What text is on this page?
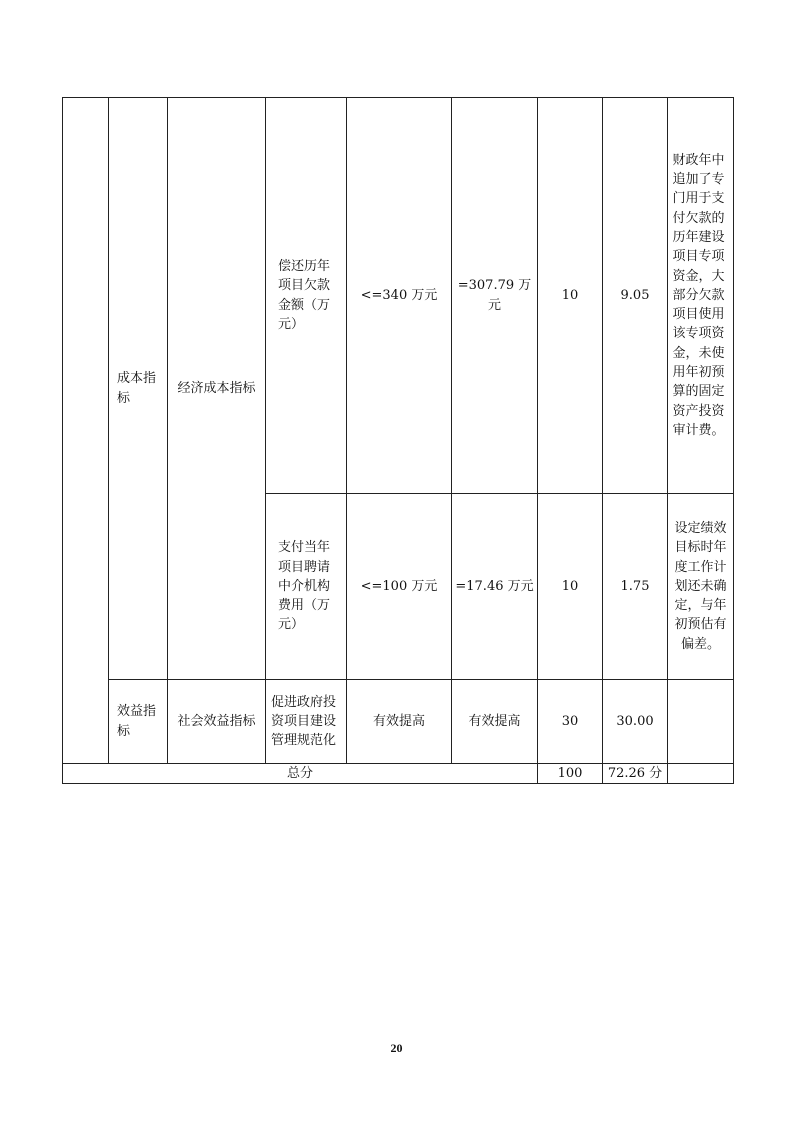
	成本指标	经济成本指标	偿还历年项目欠款金额（万元）	<=340 万元	=307.79 万元	10	9.05	财政年中追加了专门用于支付欠款的历年建设项目专项资金，大部分欠款项目使用该专项资金，未使用年初预算的固定资产投资审计费。
			支付当年项目聘请中介机构费用（万元）	<=100 万元	=17.46 万元	10	1.75	设定绩效目标时年度工作计划还未确定，与年初预估有偏差。
	效益指标	社会效益指标	促进政府投资项目建设管理规范化	有效提高	有效提高	30	30.00	
总分						100	72.26 分	
20
